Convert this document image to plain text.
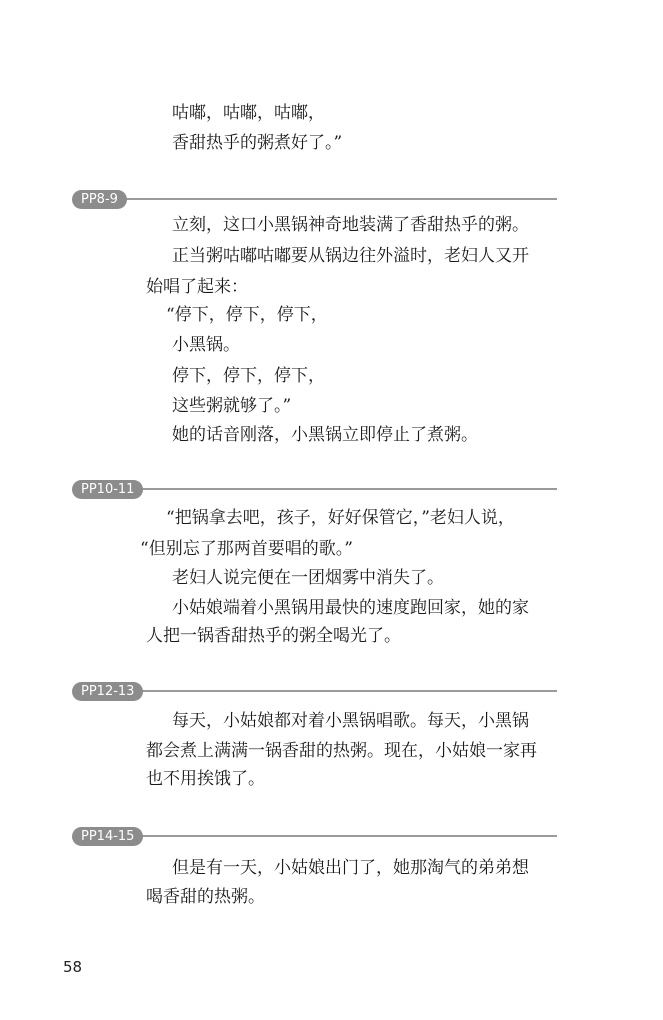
咕嘟，咕嘟，咕嘟，
香甜热乎的粥煮好了。”
PP8-9
立刻，这口小黑锅神奇地装满了香甜热乎的粥。
正当粥咕嘟咕嘟要从锅边往外溢时，老妇人又开
始唱了起来：
“停下，停下，停下，
小黑锅。
停下，停下，停下，
这些粥就够了。”
她的话音刚落，小黑锅立即停止了煮粥。
PP10-11
“把锅拿去吧，孩子，好好保管它，”老妇人说，
“但别忘了那两首要唱的歌。”
老妇人说完便在一团烟雾中消失了。
小姑娘端着小黑锅用最快的速度跑回家，她的家
人把一锅香甜热乎的粥全喝光了。
PP12-13
每天，小姑娘都对着小黑锅唱歌。每天，小黑锅
都会煮上满满一锅香甜的热粥。现在，小姑娘一家再
也不用挨饿了。
PP14-15
但是有一天，小姑娘出门了，她那淘气的弟弟想
喝香甜的热粥。
58
